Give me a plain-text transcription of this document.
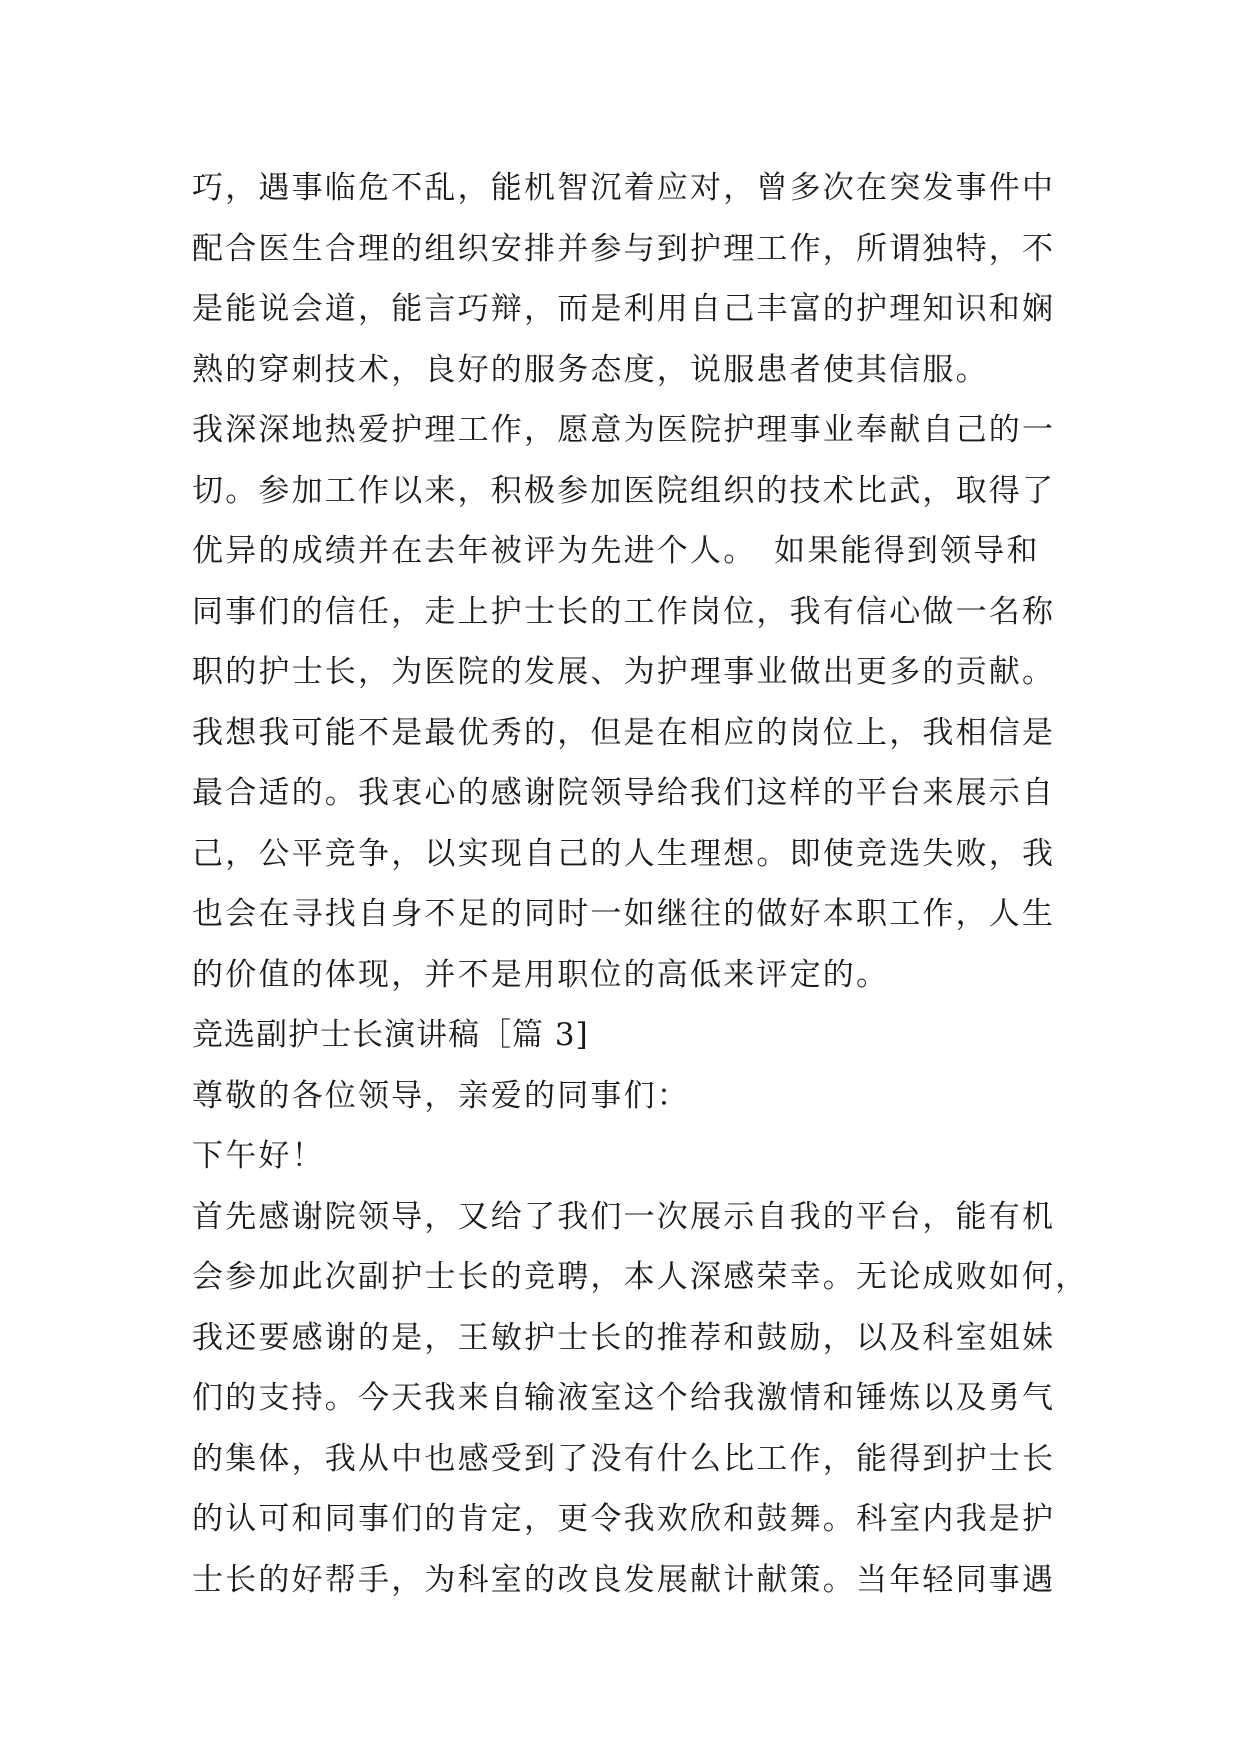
巧，遇事临危不乱，能机智沉着应对，曾多次在突发事件中
配合医生合理的组织安排并参与到护理工作，所谓独特，不
是能说会道，能言巧辩，而是利用自己丰富的护理知识和娴
熟的穿刺技术，良好的服务态度，说服患者使其信服。
我深深地热爱护理工作，愿意为医院护理事业奉献自己的一
切。参加工作以来，积极参加医院组织的技术比武，取得了
优异的成绩并在去年被评为先进个人。　如果能得到领导和
同事们的信任，走上护士长的工作岗位，我有信心做一名称
职的护士长，为医院的发展、为护理事业做出更多的贡献。
我想我可能不是最优秀的，但是在相应的岗位上，我相信是
最合适的。我衷心的感谢院领导给我们这样的平台来展示自
己，公平竞争，以实现自己的人生理想。即使竞选失败，我
也会在寻找自身不足的同时一如继往的做好本职工作，人生
的价值的体现，并不是用职位的高低来评定的。
竞选副护士长演讲稿［篇 3]
尊敬的各位领导，亲爱的同事们：
下午好！
首先感谢院领导，又给了我们一次展示自我的平台，能有机
会参加此次副护士长的竞聘，本人深感荣幸。无论成败如何，
我还要感谢的是，王敏护士长的推荐和鼓励，以及科室姐妹
们的支持。今天我来自输液室这个给我激情和锤炼以及勇气
的集体，我从中也感受到了没有什么比工作，能得到护士长
的认可和同事们的肯定，更令我欢欣和鼓舞。科室内我是护
士长的好帮手，为科室的改良发展献计献策。当年轻同事遇
